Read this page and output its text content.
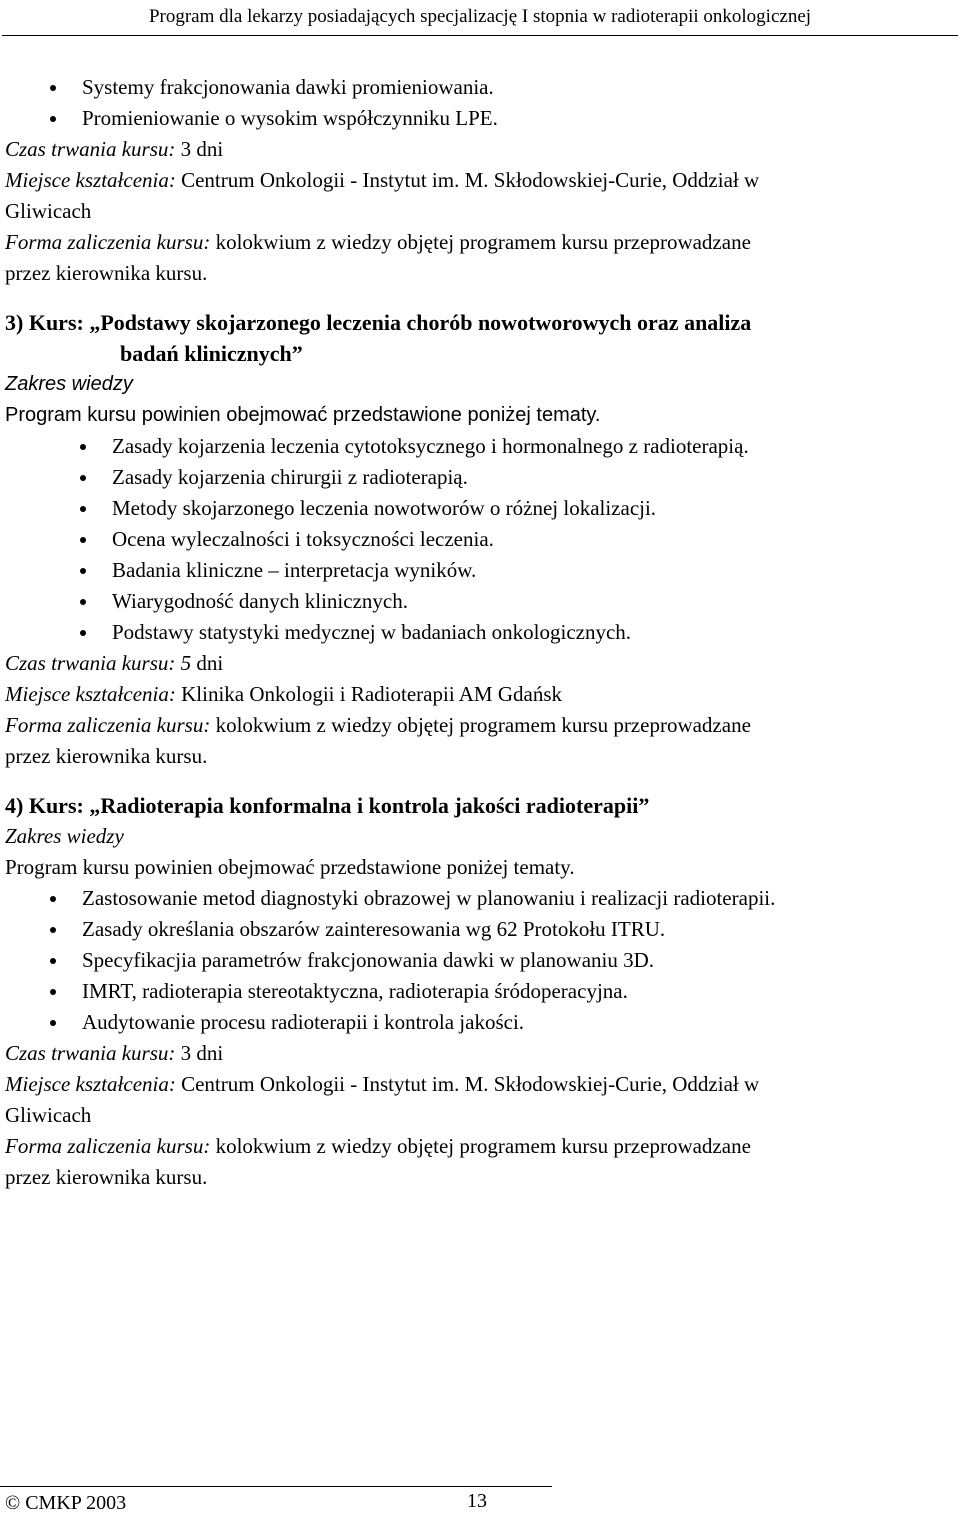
Program dla lekarzy posiadających specjalizację I stopnia w radioterapii onkologicznej
Systemy frakcjonowania dawki promieniowania.
Promieniowanie o wysokim współczynniku LPE.

Czas trwania kursu: 3 dni

Miejsce kształcenia: Centrum Onkologii - Instytut im. M. Skłodowskiej-Curie, Oddział w

Gliwicach

Forma zaliczenia kursu: kolokwium z wiedzy objętej programem kursu przeprowadzane

przez kierownika kursu.

3) Kurs: „Podstawy skojarzonego leczenia chorób nowotworowych oraz analiza
badań klinicznych”

Zakres wiedzy

Program kursu powinien obejmować przedstawione poniżej tematy.

Zasady kojarzenia leczenia cytotoksycznego i hormonalnego z radioterapią.
Zasady kojarzenia chirurgii z radioterapią.
Metody skojarzonego leczenia nowotworów o różnej lokalizacji.
Ocena wyleczalności i toksyczności leczenia.
Badania kliniczne – interpretacja wyników.
Wiarygodność danych klinicznych.
Podstawy statystyki medycznej w badaniach onkologicznych.

Czas trwania kursu: 5 dni

Miejsce kształcenia: Klinika Onkologii i Radioterapii AM Gdańsk

Forma zaliczenia kursu: kolokwium z wiedzy objętej programem kursu przeprowadzane

przez kierownika kursu.

4) Kurs: „Radioterapia konformalna i kontrola jakości radioterapii”

Zakres wiedzy

Program kursu powinien obejmować przedstawione poniżej tematy.

Zastosowanie metod diagnostyki obrazowej w planowaniu i realizacji radioterapii.
Zasady określania obszarów zainteresowania wg 62 Protokołu ITRU.
Specyfikacjia parametrów frakcjonowania dawki w planowaniu 3D.
IMRT, radioterapia stereotaktyczna, radioterapia śródoperacyjna.
Audytowanie procesu radioterapii i kontrola jakości.

Czas trwania kursu: 3 dni

Miejsce kształcenia: Centrum Onkologii - Instytut im. M. Skłodowskiej-Curie, Oddział w

Gliwicach

Forma zaliczenia kursu: kolokwium z wiedzy objętej programem kursu przeprowadzane

przez kierownika kursu.

© CMKP 2003	13
